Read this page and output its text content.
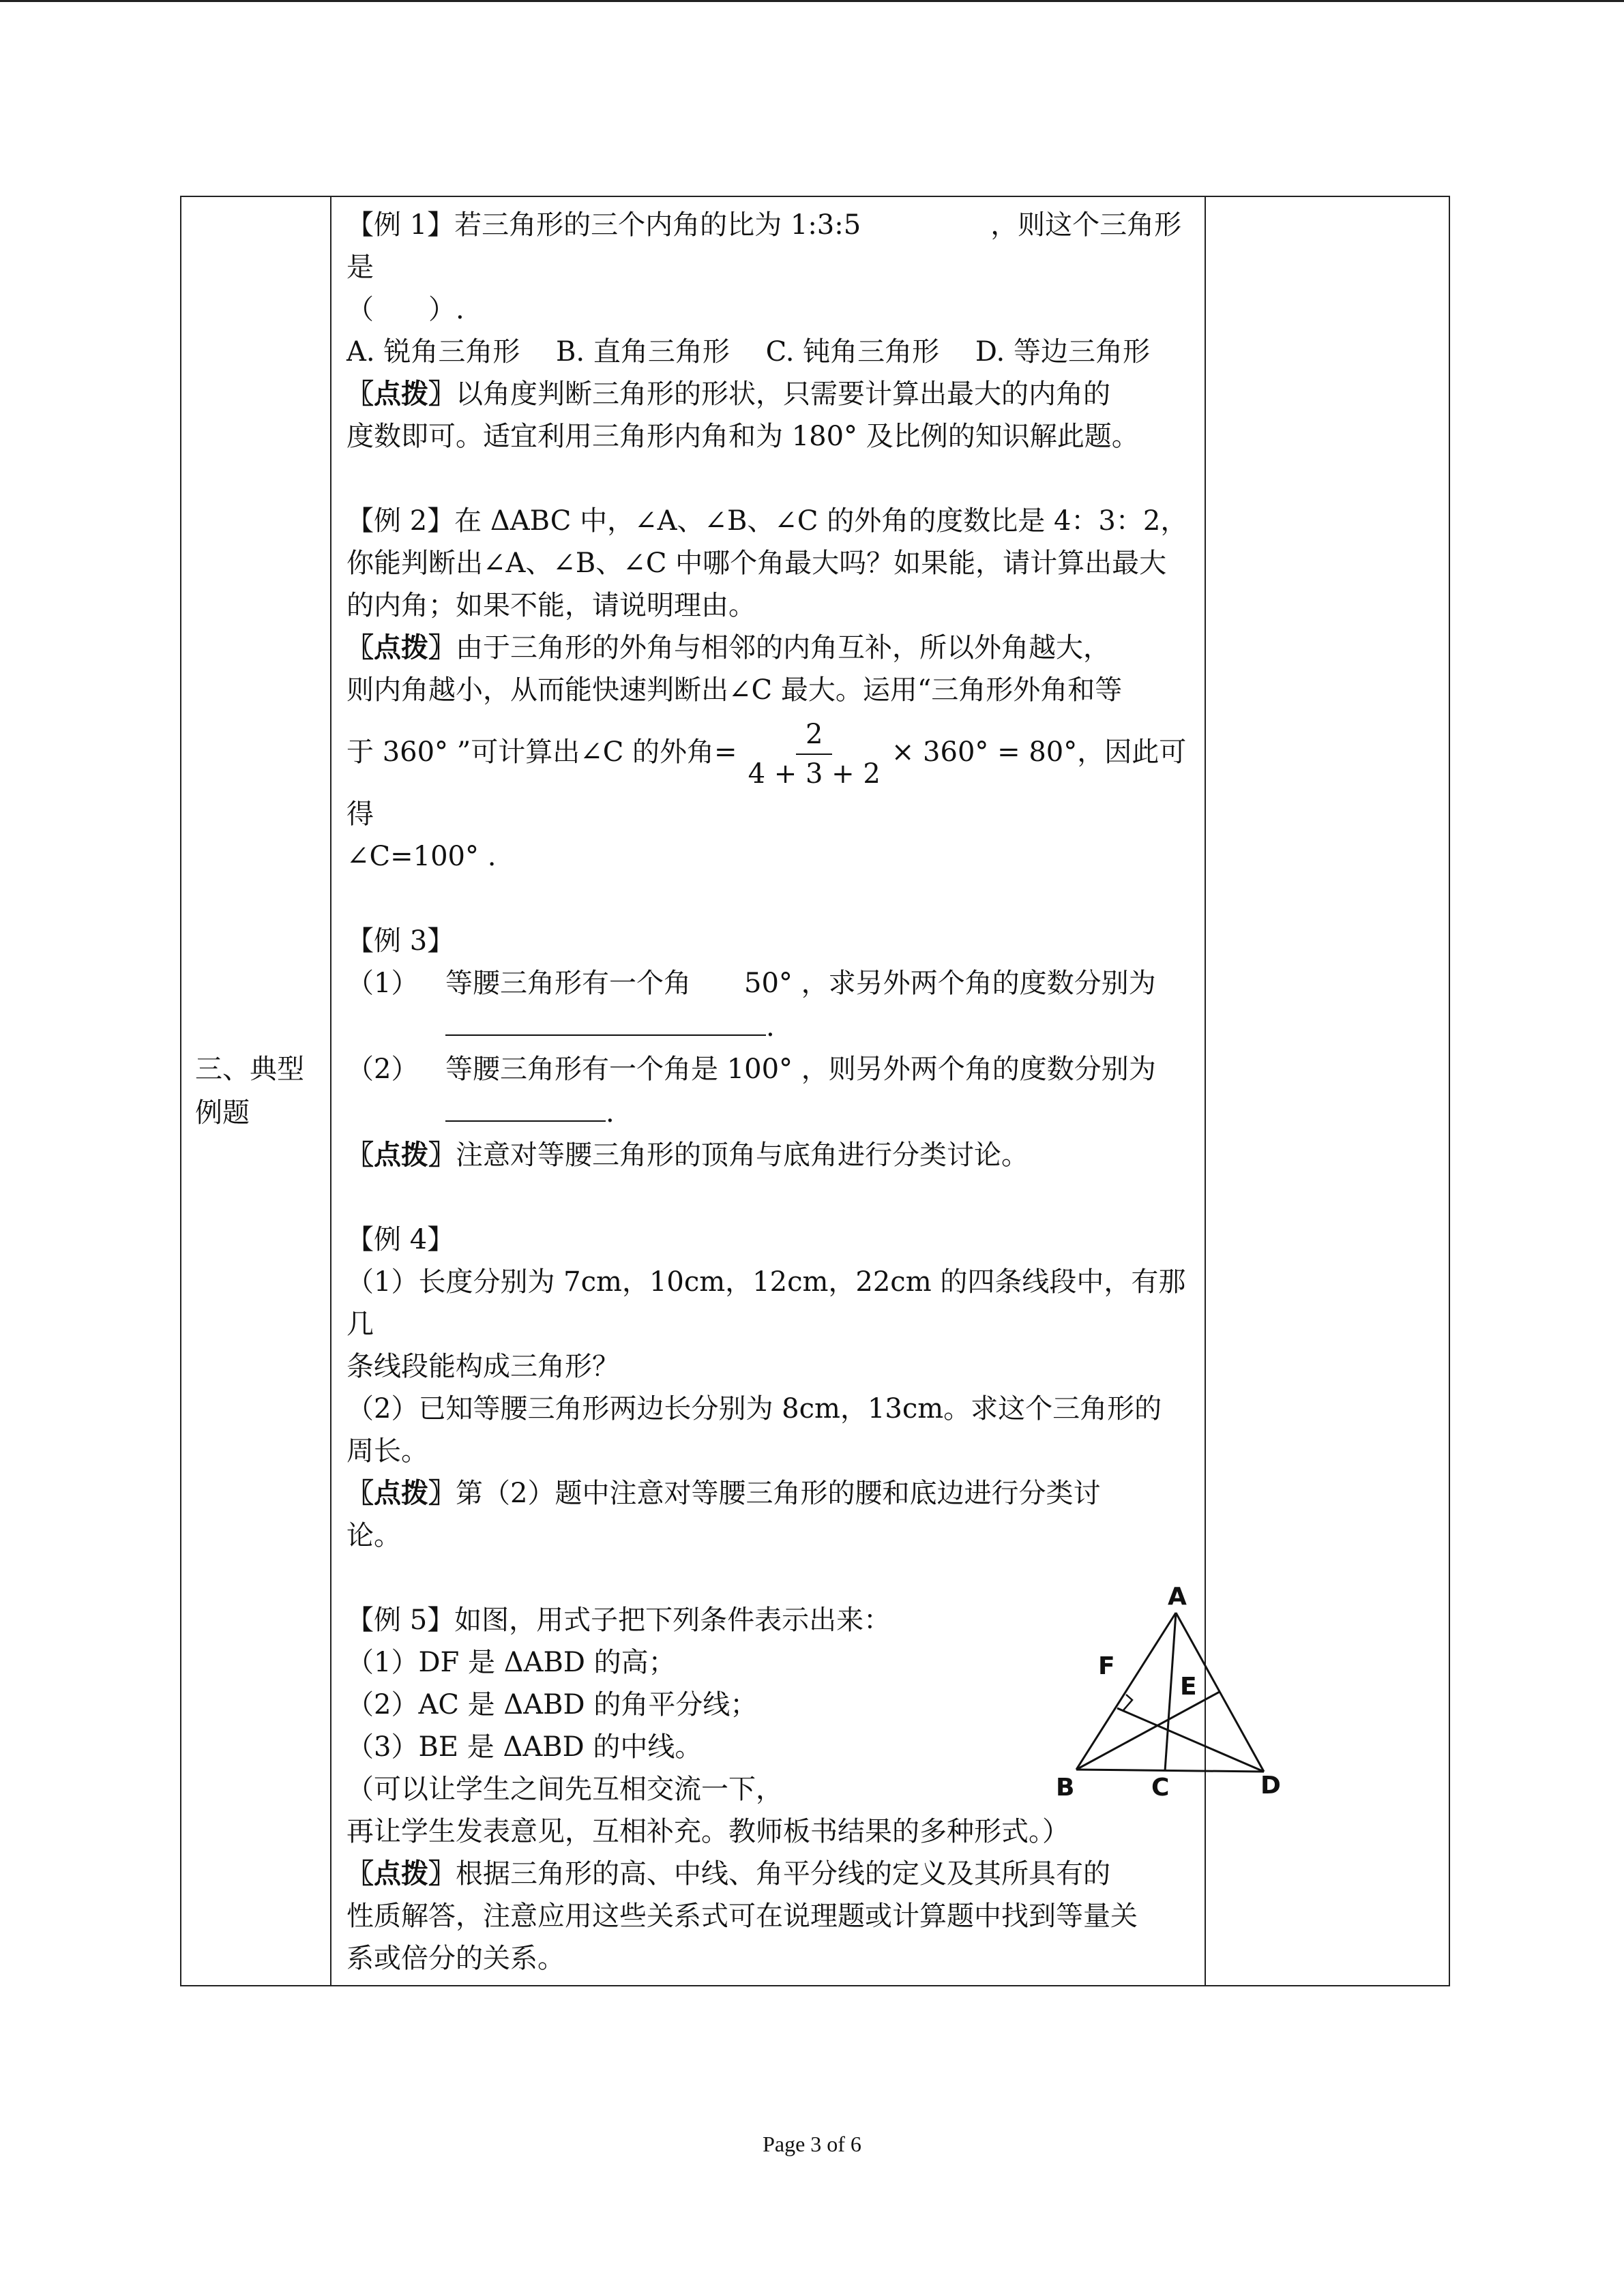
三、典型
例题

【例 1】若三角形的三个内角的比为 1:3:5	，则这个三角形是

（　　）.

A. 锐角三角形　 B. 直角三角形　 C. 钝角三角形　 D. 等边三角形

〖点拨〗以角度判断三角形的形状，只需要计算出最大的内角的

度数即可。适宜利用三角形内角和为 180° 及比例的知识解此题。

【例 2】在 ΔABC 中，∠A、∠B、∠C 的外角的度数比是 4：3：2，

你能判断出∠A、∠B、∠C 中哪个角最大吗？如果能，请计算出最大

的内角；如果不能，请说明理由。

〖点拨〗由于三角形的外角与相邻的内角互补，所以外角越大，

则内角越小，从而能快速判断出∠C 最大。运用“三角形外角和等

于 360° ”可计算出∠C 的外角= $\frac{2}{4 + 3 + 2} \times 360^\circ = 80^\circ$，因此可

得

∠C=100° .

【例 3】

（1） 等腰三角形有一个角 50° ，求另外两个角的度数分别为

.

（2） 等腰三角形有一个角是 100° ，则另外两个角的度数分别为

.

〖点拨〗注意对等腰三角形的顶角与底角进行分类讨论。

【例 4】

（1）长度分别为 7cm，10cm，12cm，22cm 的四条线段中，有那几

条线段能构成三角形？

（2）已知等腰三角形两边长分别为 8cm，13cm。求这个三角形的

周长。

〖点拨〗第（2）题中注意对等腰三角形的腰和底边进行分类讨

论。

A
B	C	D
E
F

【例 5】如图，用式子把下列条件表示出来：

（1）DF 是 ΔABD 的高；

（2）AC 是 ΔABD 的角平分线；

（3）BE 是 ΔABD 的中线。

（可以让学生之间先互相交流一下，

再让学生发表意见，互相补充。教师板书结果的多种形式。）

〖点拨〗根据三角形的高、中线、角平分线的定义及其所具有的

性质解答，注意应用这些关系式可在说理题或计算题中找到等量关

系或倍分的关系。

Page 3 of 6
